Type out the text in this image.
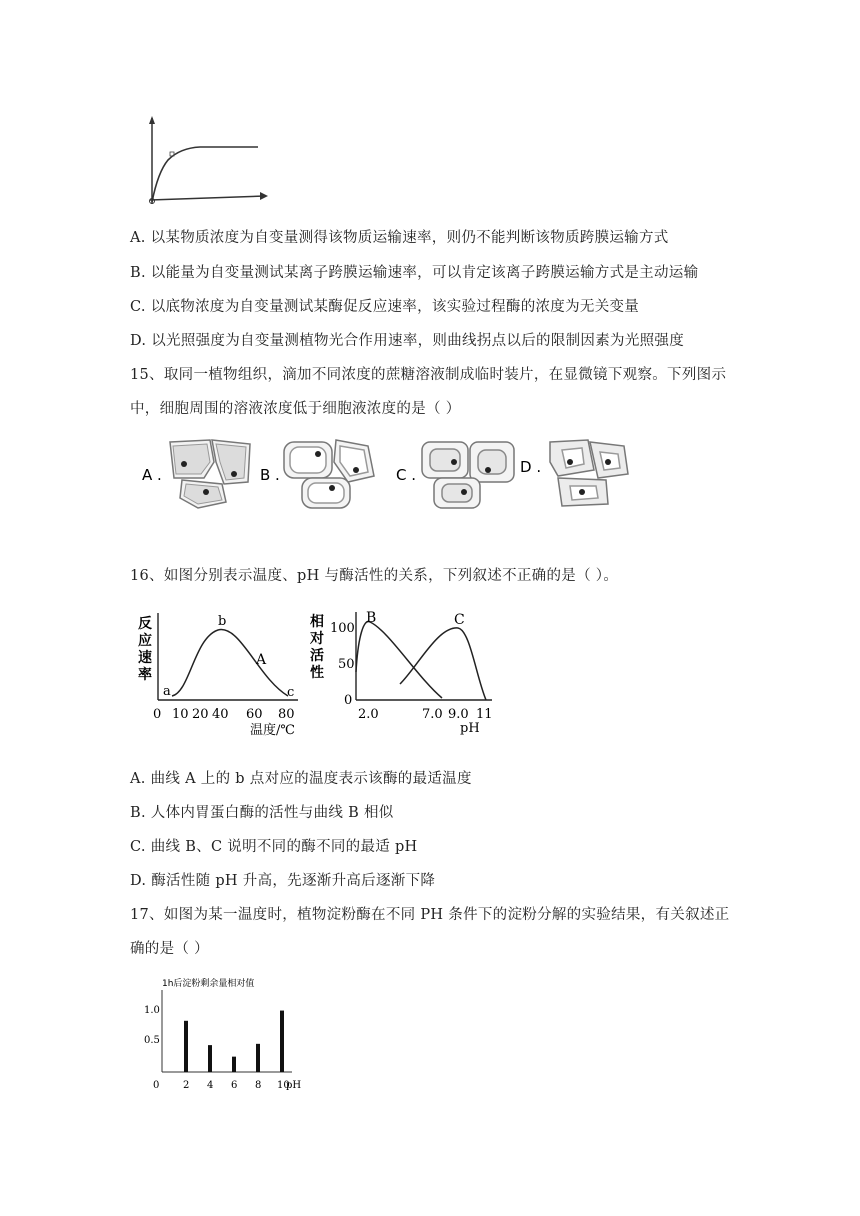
A. 以某物质浓度为自变量测得该物质运输速率，则仍不能判断该物质跨膜运输方式
B. 以能量为自变量测试某离子跨膜运输速率，可以肯定该离子跨膜运输方式是主动运输
C. 以底物浓度为自变量测试某酶促反应速率，该实验过程酶的浓度为无关变量
D. 以光照强度为自变量测植物光合作用速率，则曲线拐点以后的限制因素为光照强度
15、取同一植物组织，滴加不同浓度的蔗糖溶液制成临时装片，在显微镜下观察。下列图示
中，细胞周围的溶液浓度低于细胞液浓度的是（ ）
A .	B .	C .	D .
16、如图分别表示温度、pH 与酶活性的关系，下列叙述不正确的是（ ）。
反
应
速
率
a
b
c
A
0 10 20 40 60 80
温度/℃
相
对
活
性
100
50
0
B	C
2.0	7.0 9.0 11
pH
A. 曲线 A 上的 b 点对应的温度表示该酶的最适温度
B. 人体内胃蛋白酶的活性与曲线 B 相似
C. 曲线 B、C 说明不同的酶不同的最适 pH
D. 酶活性随 pH 升高，先逐渐升高后逐渐下降
17、如图为某一温度时，植物淀粉酶在不同 PH 条件下的淀粉分解的实验结果，有关叙述正
确的是（ ）
1h后淀粉剩余量相对值
1.0
0.5
0 2 4 6 8 10
pH
